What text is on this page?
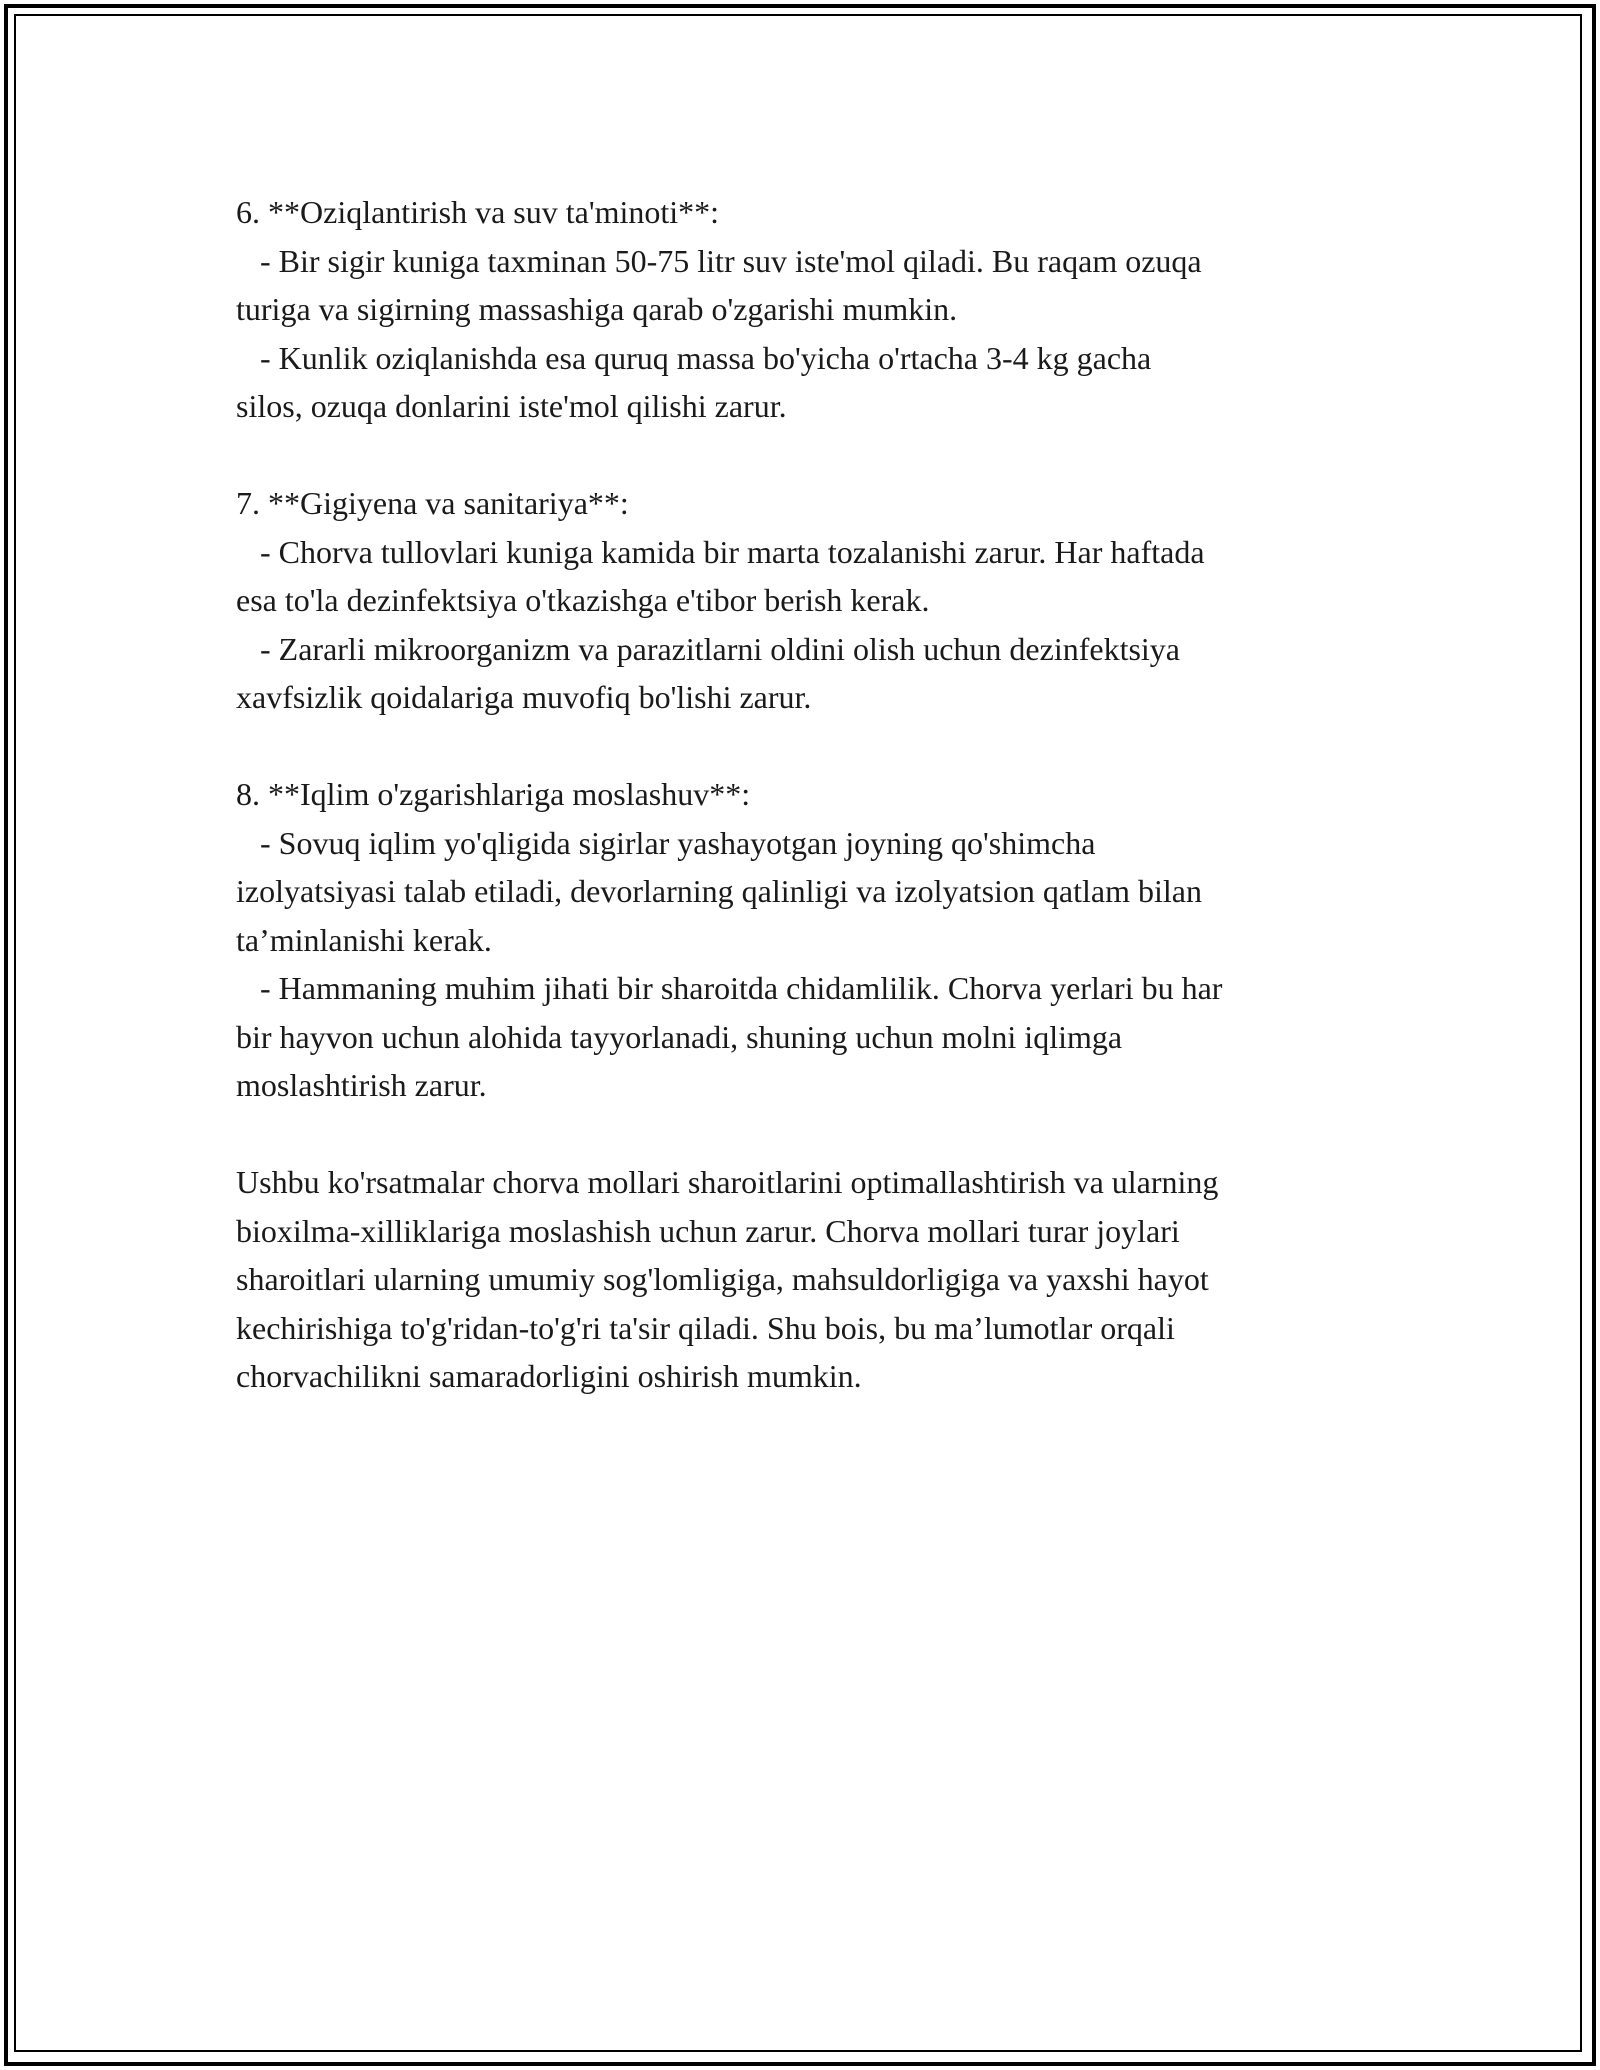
6. **Oziqlantirish va suv ta'minoti**:
- Bir sigir kuniga taxminan 50-75 litr suv iste'mol qiladi. Bu raqam ozuqa
turiga va sigirning massashiga qarab o'zgarishi mumkin.
- Kunlik oziqlanishda esa quruq massa bo'yicha o'rtacha 3-4 kg gacha
silos, ozuqa donlarini iste'mol qilishi zarur.
7. **Gigiyena va sanitariya**:
- Chorva tullovlari kuniga kamida bir marta tozalanishi zarur. Har haftada
esa to'la dezinfektsiya o'tkazishga e'tibor berish kerak.
- Zararli mikroorganizm va parazitlarni oldini olish uchun dezinfektsiya
xavfsizlik qoidalariga muvofiq bo'lishi zarur.
8. **Iqlim o'zgarishlariga moslashuv**:
- Sovuq iqlim yo'qligida sigirlar yashayotgan joyning qo'shimcha
izolyatsiyasi talab etiladi, devorlarning qalinligi va izolyatsion qatlam bilan
ta’minlanishi kerak.
- Hammaning muhim jihati bir sharoitda chidamlilik. Chorva yerlari bu har
bir hayvon uchun alohida tayyorlanadi, shuning uchun molni iqlimga
moslashtirish zarur.
Ushbu ko'rsatmalar chorva mollari sharoitlarini optimallashtirish va ularning
bioxilma-xilliklariga moslashish uchun zarur. Chorva mollari turar joylari
sharoitlari ularning umumiy sog'lomligiga, mahsuldorligiga va yaxshi hayot
kechirishiga to'g'ridan-to'g'ri ta'sir qiladi. Shu bois, bu ma’lumotlar orqali
chorvachilikni samaradorligini oshirish mumkin.
